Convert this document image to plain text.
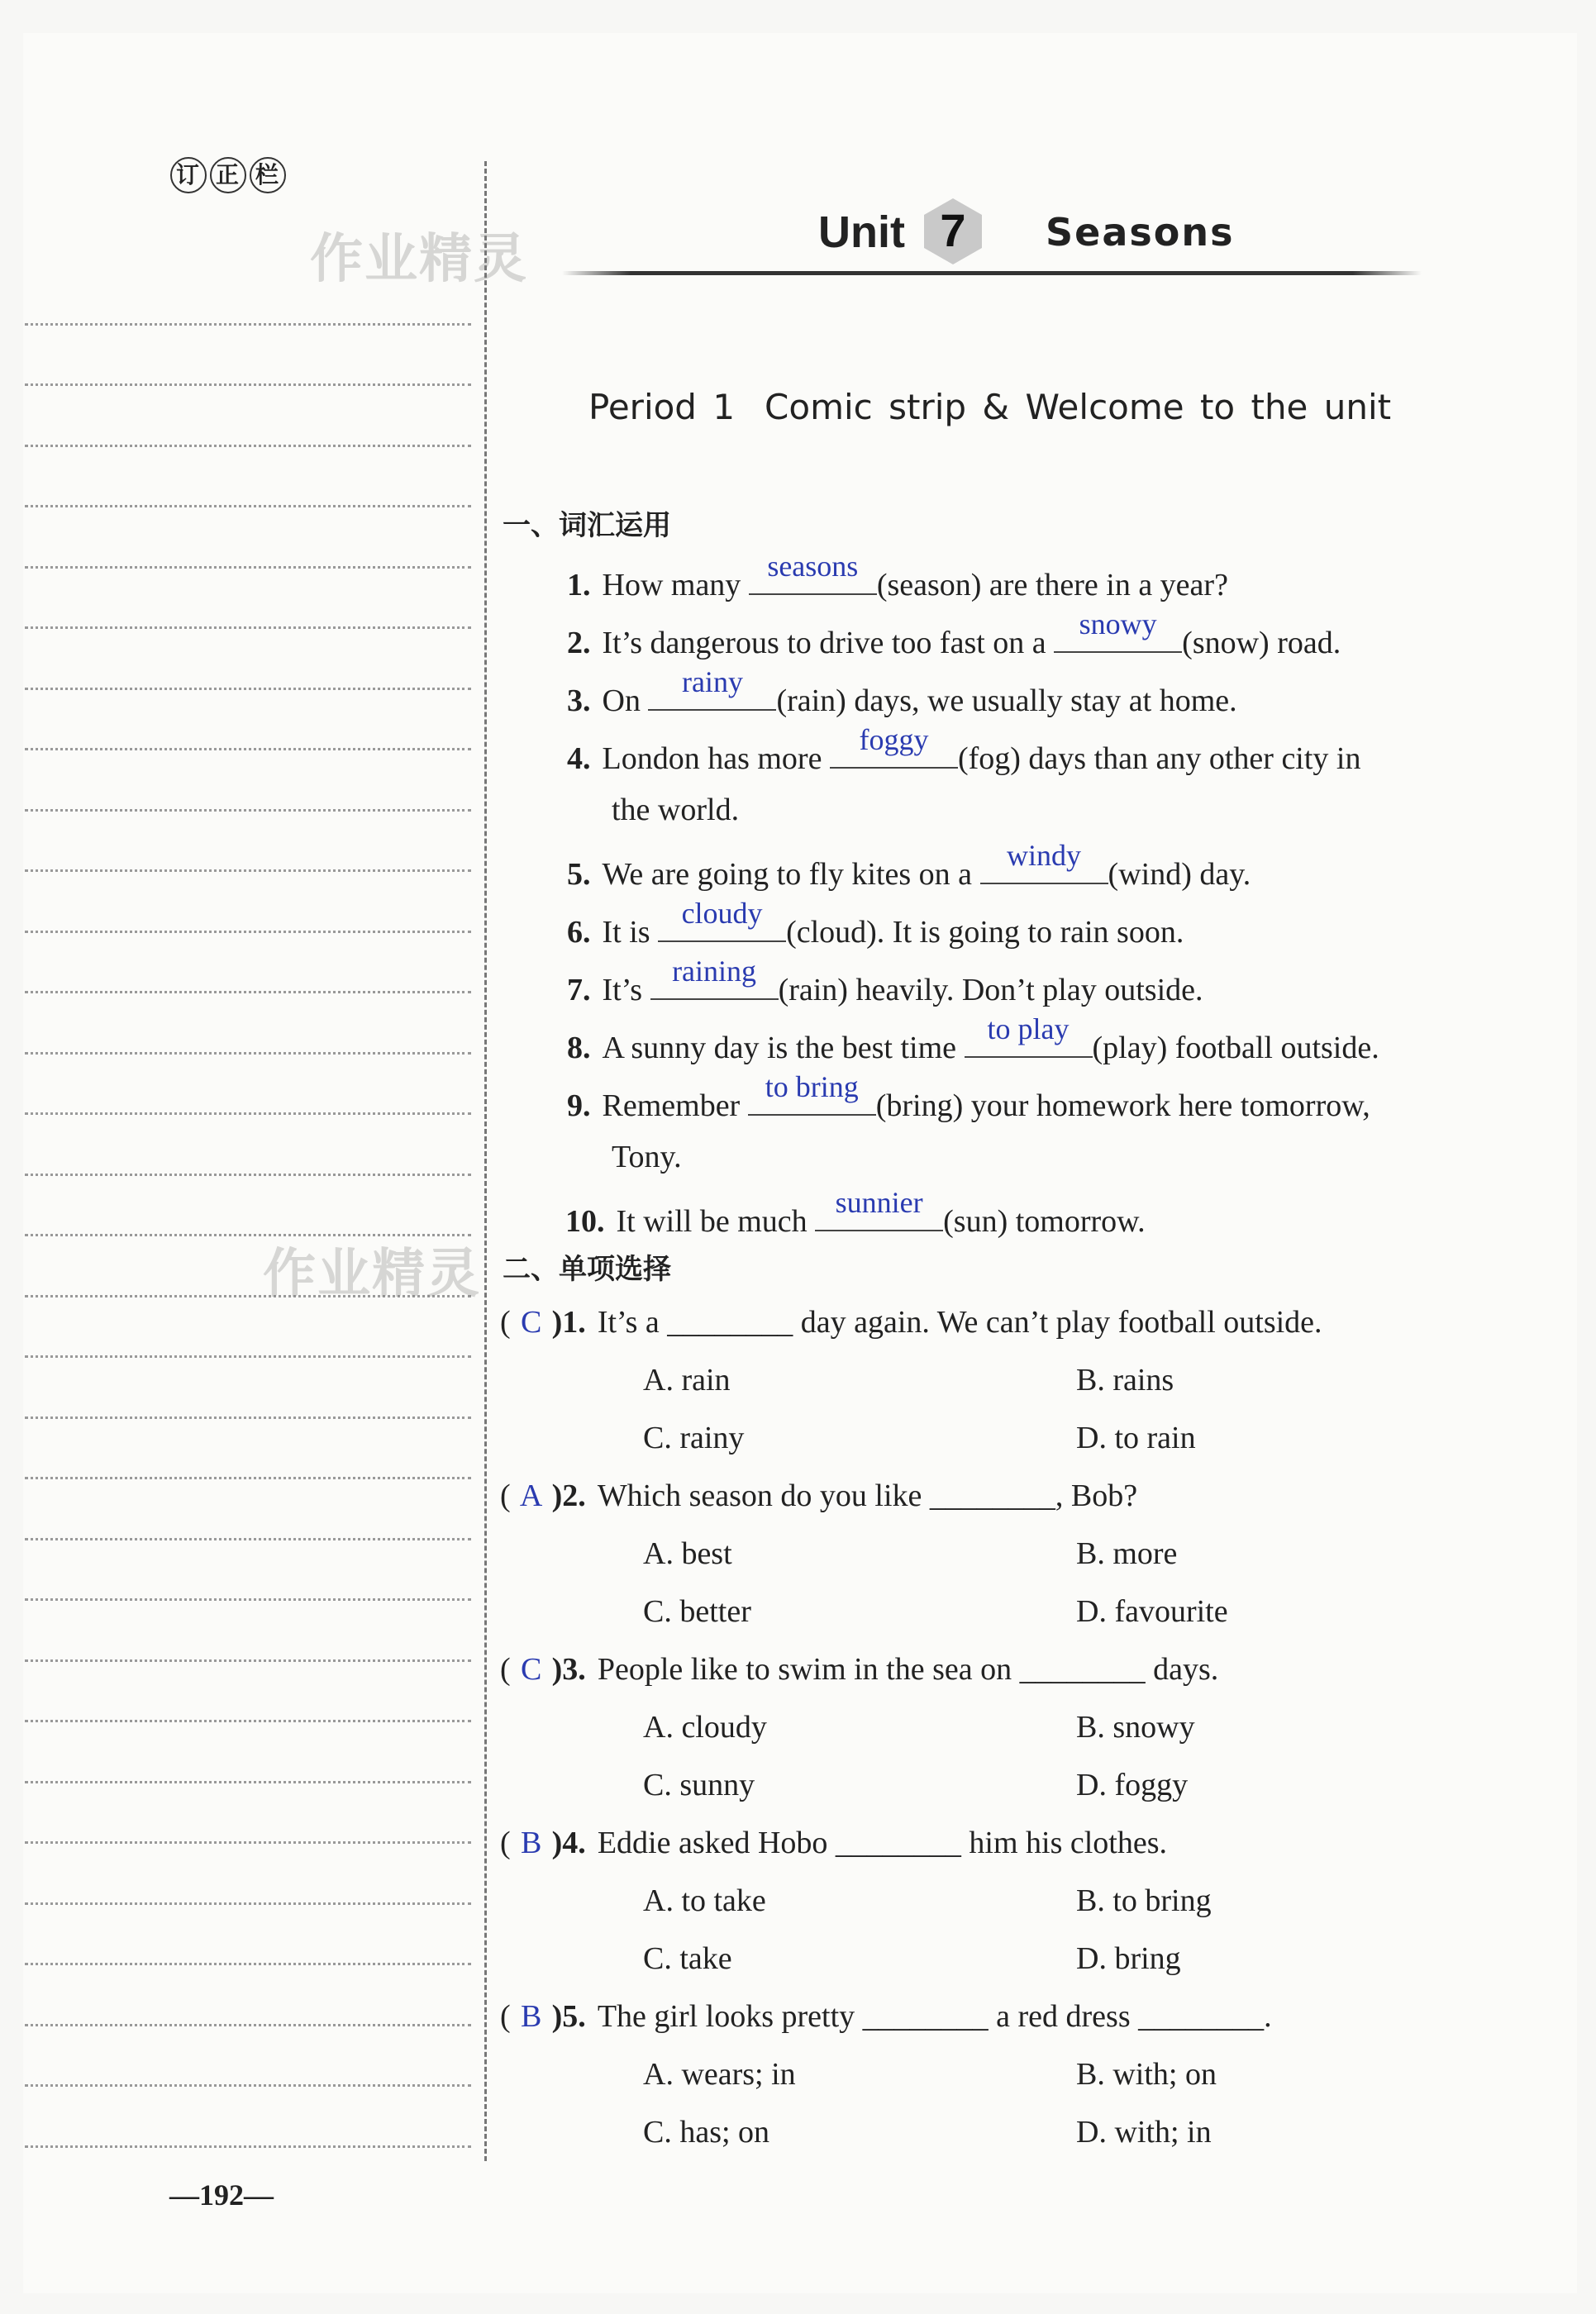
订 正 栏
作业精灵
作业精灵
—192—
Unit 7	Seasons
Period 1 Comic strip & Welcome to the unit
一、词汇运用
1. How many
seasons
(season) are there in a year?
2. It’s dangerous to drive too fast on a
snowy
(snow) road.
3. On
rainy
(rain) days, we usually stay at home.
4. London has more
foggy
(fog) days than any other city in
the world.
5. We are going to fly kites on a
windy
(wind) day.
6. It is
cloudy
(cloud). It is going to rain soon.
7. It’s
raining
(rain) heavily. Don’t play outside.
8. A sunny day is the best time
to play
(play) football outside.
9. Remember
to bring
(bring) your homework here tomorrow,
Tony.
10. It will be much
sunnier
(sun) tomorrow.
二、单项选择
( C )1. It’s a ________ day again. We can’t play football outside.
A. rain	B. rains
C. rainy	D. to rain
( A )2. Which season do you like ________, Bob?
A. best	B. more
C. better	D. favourite
( C )3. People like to swim in the sea on ________ days.
A. cloudy	B. snowy
C. sunny	D. foggy
( B )4. Eddie asked Hobo ________ him his clothes.
A. to take	B. to bring
C. take	D. bring
( B )5. The girl looks pretty ________ a red dress ________.
A. wears; in	B. with; on
C. has; on	D. with; in
